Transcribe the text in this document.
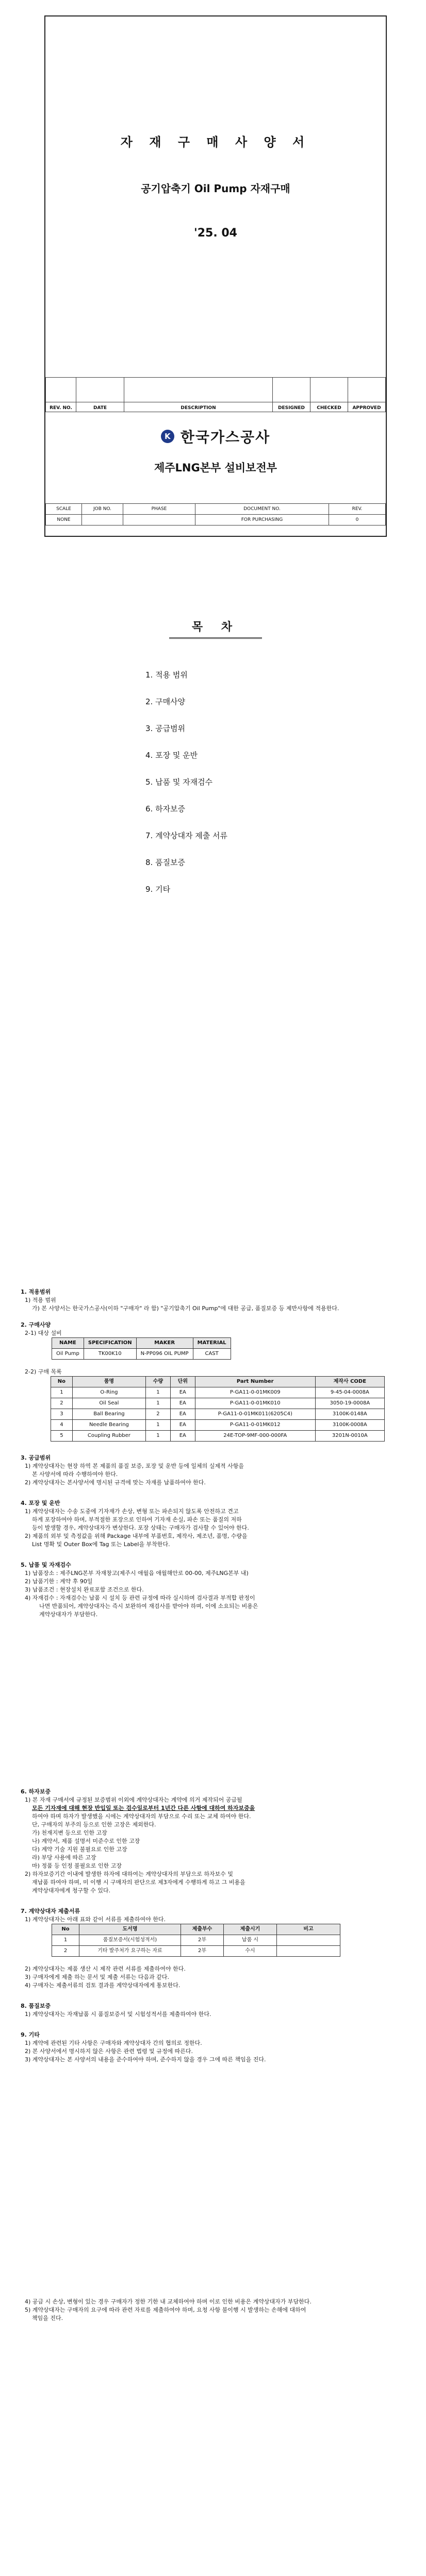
자 재 구 매 사 양 서
공기압축기 Oil Pump 자재구매
'25. 04

REV. NO.	DATE	DESCRIPTION	DESIGNED	CHECKED	APPROVED
K 한국가스공사
제주LNG본부 설비보전부
SCALE	JOB NO.	PHASE	DOCUMENT NO.	REV.
NONE			FOR PURCHASING	0
목 차
1. 적용 범위
2. 구매사양
3. 공급범위
4. 포장 및 운반
5. 납품 및 자재검수
6. 하자보증
7. 계약상대자 제출 서류
8. 품질보증
9. 기타
1. 적용범위
1) 적용 범위
가) 본 사양서는 한국가스공사(이하 "구매자" 라 함) "공기압축기 Oil Pump"에 대한 공급, 품질보증 등 제반사항에 적용한다.
2. 구매사양
2-1) 대상 설비
NAME	SPECIFICATION	MAKER	MATERIAL
Oil Pump	TK00K10	N-PP096 OIL PUMP	CAST
2-2) 구매 목록
No	품명	수량	단위	Part Number	제작사 CODE
1	O-Ring	1	EA	P-GA11-0-01MK009	9-45-04-0008A
2	Oil Seal	1	EA	P-GA11-0-01MK010	3050-19-0008A
3	Ball Bearing	2	EA	P-GA11-0-01MK011(6205C4)	3100K-0148A
4	Needle Bearing	1	EA	P-GA11-0-01MK012	3100K-0008A
5	Coupling Rubber	1	EA	24E-TOP-9MF-000-000FA	3201N-0010A
3. 공급범위
1) 계약상대자는 현장 하역 본 제품의 품질 보증, 포장 및 운반 등에 일체의 실제적 사항을
본 사양서에 따라 수행하여야 한다.
2) 계약상대자는 본사양서에 명시된 규격에 맞는 자재를 납품하여야 한다.
4. 포장 및 운반
1) 계약상대자는 수송 도중에 기자재가 손상, 변형 또는 파손되지 않도록 안전하고 견고
하게 포장하여야 하며, 부적절한 포장으로 인하여 기자재 손실, 파손 또는 품질의 저하
등이 발생할 경우, 계약상대자가 변상한다. 포장 상태는 구매자가 검사할 수 있어야 한다.
2) 제품의 외부 및 측정값을 위해 Package 내부에 부품번호, 제작사, 제조년, 품명, 수량을
List 명확 및 Outer Box에 Tag 또는 Label을 부착한다.
5. 납품 및 자재검수
1) 납품장소 : 제주LNG본부 자재창고(제주시 애월읍 애월해안로 00-00, 제주LNG본부 내)
2) 납품기한 : 계약 후 90일
3) 납품조건 : 현장설치 완료포함 조건으로 한다.
4) 자재검수 : 자재검수는 납품 시 설치 등 관련 규정에 따라 실시하며 검사결과 부적합 판정이
나면 반품되어, 계약상대자는 즉시 보완하여 재검사를 받아야 하며, 이에 소요되는 비용은
계약상대자가 부담한다.
6. 하자보증
1) 본 자재 구매서에 규정된 보증범위 이외에 계약상대자는 계약에 의거 제작되어 공급될
모든 기자재에 대해 현장 반입일 또는 검수일로부터 1년간 다른 사항에 대하여 하자보증을
하여야 하며 하자가 발생했을 시에는 계약상대자의 부담으로 수리 또는 교체 하여야 한다.
단, 구매자의 부주의 등으로 인한 고장은 제외한다.
가) 천재지변 등으로 인한 고장
나) 계약서, 제품 설명서 미준수로 인한 고장
다) 계약 기술 지원 불필요로 인한 고장
라) 부당 사용에 따른 고장
마) 정품 등 인정 불필요로 인한 고장
2) 하자보증기간 이내에 발생한 하자에 대하여는 계약상대자의 부담으로 하자보수 및
재납품 하여야 하며, 미 이행 시 구매자의 판단으로 제3자에게 수행하게 하고 그 비용을
계약상대자에게 청구할 수 있다.
7. 계약상대자 제출서류
1) 계약상대자는 아래 표와 같이 서류를 제출하여야 한다.
No	도서명	제출부수	제출시기	비고
1	품질보증서(시험성적서)	2부	납품 시	
2	기타 발주처가 요구하는 자료	2부	수시	
2) 계약상대자는 제품 생산 시 제작 관련 서류를 제출하여야 한다.
3) 구매자에게 제출 하는 문서 및 제출 서류는 다음과 같다.
4) 구매자는 제출서류의 검토 결과를 계약상대자에게 통보한다.
8. 품질보증
1) 계약상대자는 자재납품 시 품질보증서 및 시험성적서를 제출하여야 한다.
9. 기타
1) 계약에 관련된 기타 사항은 구매자와 계약상대자 간의 협의로 정한다.
2) 본 사양서에서 명시하지 않은 사항은 관련 법령 및 규정에 따른다.
3) 계약상대자는 본 사양서의 내용을 준수하여야 하며, 준수하지 않을 경우 그에 따른 책임을 진다.
4) 공급 시 손상, 변형이 있는 경우 구매자가 정한 기한 내 교체하여야 하며 이로 인한 비용은 계약상대자가 부담한다.
5) 계약상대자는 구매자의 요구에 따라 관련 자료를 제출하여야 하며, 요청 사항 불이행 시 발생하는 손해에 대하여
책임을 진다.
